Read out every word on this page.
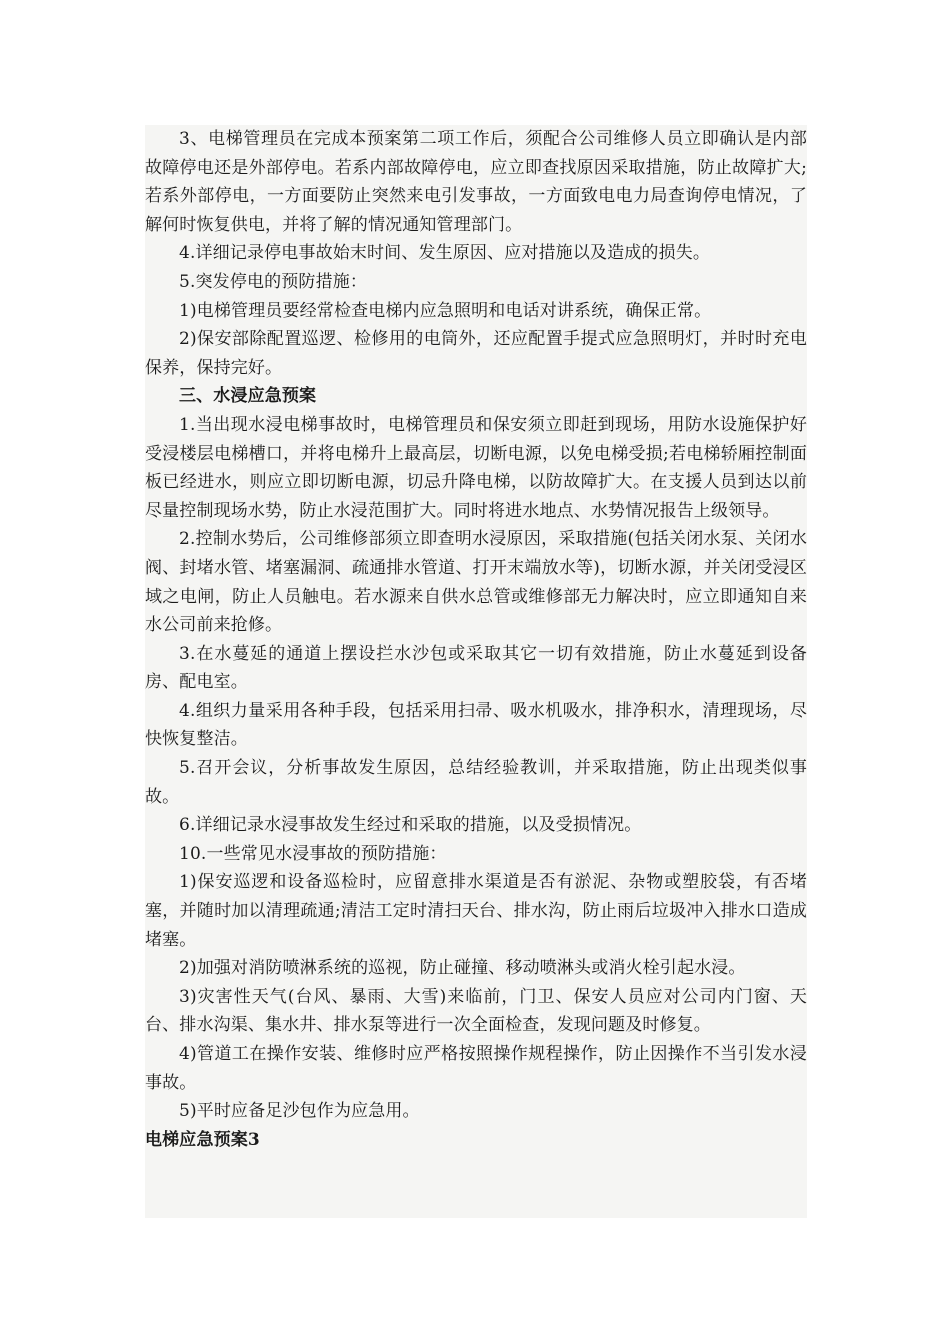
3、电梯管理员在完成本预案第二项工作后，须配合公司维修人员立即确认是内部故障停电还是外部停电。若系内部故障停电，应立即查找原因采取措施，防止故障扩大;若系外部停电，一方面要防止突然来电引发事故，一方面致电电力局查询停电情况，了解何时恢复供电，并将了解的情况通知管理部门。

4.详细记录停电事故始末时间、发生原因、应对措施以及造成的损失。

5.突发停电的预防措施：

1)电梯管理员要经常检查电梯内应急照明和电话对讲系统，确保正常。

2)保安部除配置巡逻、检修用的电筒外，还应配置手提式应急照明灯，并时时充电保养，保持完好。

三、水浸应急预案

1.当出现水浸电梯事故时，电梯管理员和保安须立即赶到现场，用防水设施保护好受浸楼层电梯槽口，并将电梯升上最高层，切断电源，以免电梯受损;若电梯轿厢控制面板已经进水，则应立即切断电源，切忌升降电梯，以防故障扩大。在支援人员到达以前尽量控制现场水势，防止水浸范围扩大。同时将进水地点、水势情况报告上级领导。

2.控制水势后，公司维修部须立即查明水浸原因，采取措施(包括关闭水泵、关闭水阀、封堵水管、堵塞漏洞、疏通排水管道、打开末端放水等)，切断水源，并关闭受浸区域之电闸，防止人员触电。若水源来自供水总管或维修部无力解决时，应立即通知自来水公司前来抢修。

3.在水蔓延的通道上摆设拦水沙包或采取其它一切有效措施，防止水蔓延到设备房、配电室。

4.组织力量采用各种手段，包括采用扫帚、吸水机吸水，排净积水，清理现场，尽快恢复整洁。

5.召开会议，分析事故发生原因，总结经验教训，并采取措施，防止出现类似事故。

6.详细记录水浸事故发生经过和采取的措施，以及受损情况。

10.一些常见水浸事故的预防措施：

1)保安巡逻和设备巡检时，应留意排水渠道是否有淤泥、杂物或塑胶袋，有否堵塞，并随时加以清理疏通;清洁工定时清扫天台、排水沟，防止雨后垃圾冲入排水口造成堵塞。

2)加强对消防喷淋系统的巡视，防止碰撞、移动喷淋头或消火栓引起水浸。

3)灾害性天气(台风、暴雨、大雪)来临前，门卫、保安人员应对公司内门窗、天台、排水沟渠、集水井、排水泵等进行一次全面检查，发现问题及时修复。

4)管道工在操作安装、维修时应严格按照操作规程操作，防止因操作不当引发水浸事故。

5)平时应备足沙包作为应急用。

电梯应急预案3
